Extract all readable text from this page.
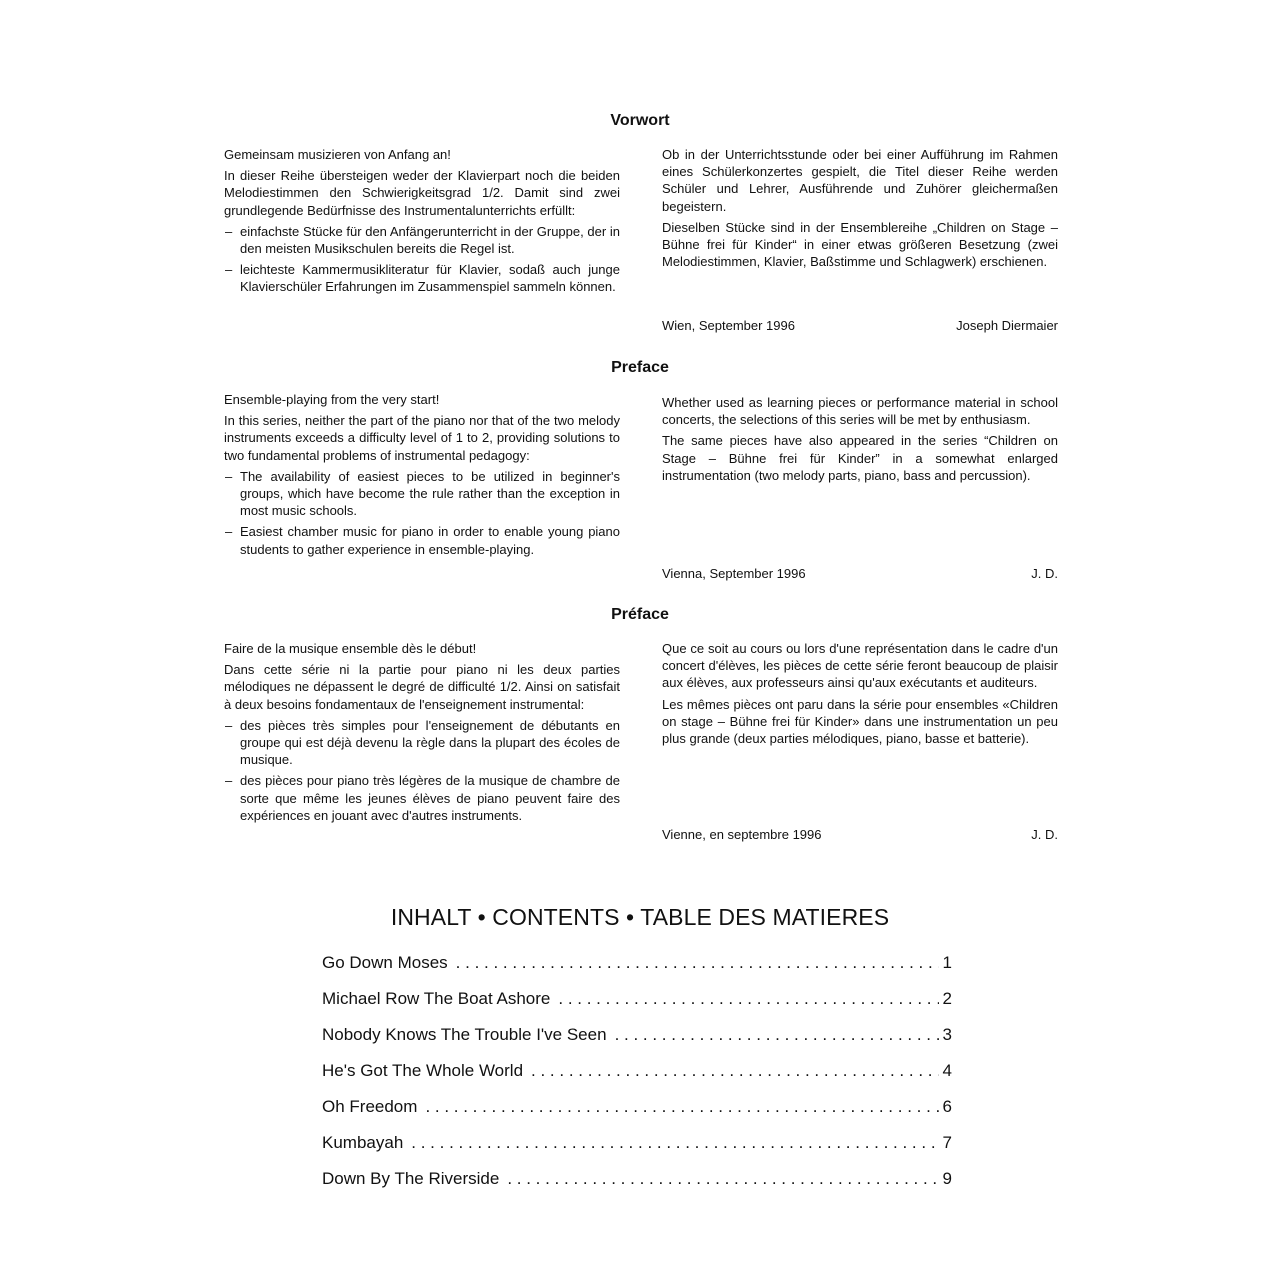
Vorwort

Gemeinsam musizieren von Anfang an!

In dieser Reihe übersteigen weder der Klavierpart noch die beiden Melodiestimmen den Schwierigkeitsgrad 1/2. Damit sind zwei grundlegende Bedürfnisse des Instrumentalunterrichts erfüllt:

– einfachste Stücke für den Anfängerunterricht in der Gruppe, der in den meisten Musikschulen bereits die Regel ist.
– leichteste Kammermusikliteratur für Klavier, sodaß auch junge Klavierschüler Erfahrungen im Zusammenspiel sammeln können.

Ob in der Unterrichtsstunde oder bei einer Aufführung im Rahmen eines Schülerkonzertes gespielt, die Titel dieser Reihe werden Schüler und Lehrer, Ausführende und Zuhörer gleichermaßen begeistern.

Dieselben Stücke sind in der Ensemblereihe „Children on Stage – Bühne frei für Kinder“ in einer etwas größeren Besetzung (zwei Melodiestimmen, Klavier, Baßstimme und Schlagwerk) erschienen.

Wien, September 1996	Joseph Diermaier
Preface

Ensemble-playing from the very start!

In this series, neither the part of the piano nor that of the two melody instruments exceeds a difficulty level of 1 to 2, providing solutions to two fundamental problems of instrumental pedagogy:

– The availability of easiest pieces to be utilized in beginner's groups, which have become the rule rather than the exception in most music schools.
– Easiest chamber music for piano in order to enable young piano students to gather experience in ensemble-playing.

Whether used as learning pieces or performance material in school concerts, the selections of this series will be met by enthusiasm.

The same pieces have also appeared in the series “Children on Stage – Bühne frei für Kinder” in a somewhat enlarged instrumentation (two melody parts, piano, bass and percussion).

Vienna, September 1996	J. D.
Préface

Faire de la musique ensemble dès le début!

Dans cette série ni la partie pour piano ni les deux parties mélodiques ne dépassent le degré de difficulté 1/2. Ainsi on satisfait à deux besoins fondamentaux de l'enseignement instrumental:

– des pièces très simples pour l'enseignement de débutants en groupe qui est déjà devenu la règle dans la plupart des écoles de musique.
– des pièces pour piano très légères de la musique de chambre de sorte que même les jeunes élèves de piano peuvent faire des expériences en jouant avec d'autres instruments.

Que ce soit au cours ou lors d'une représentation dans le cadre d'un concert d'élèves, les pièces de cette série feront beaucoup de plaisir aux élèves, aux professeurs ainsi qu'aux exécutants et auditeurs.

Les mêmes pièces ont paru dans la série pour ensembles «Children on stage – Bühne frei für Kinder» dans une instrumentation un peu plus grande (deux parties mélodiques, piano, basse et batterie).

Vienne, en septembre 1996	J. D.
INHALT • CONTENTS • TABLE DES MATIERES
Go Down Moses . . .	1
Michael Row The Boat Ashore . . .	2
Nobody Knows The Trouble I've Seen . . .	3
He's Got The Whole World . . .	4
Oh Freedom . . .	6
Kumbayah . . .	7
Down By The Riverside . . .	9
